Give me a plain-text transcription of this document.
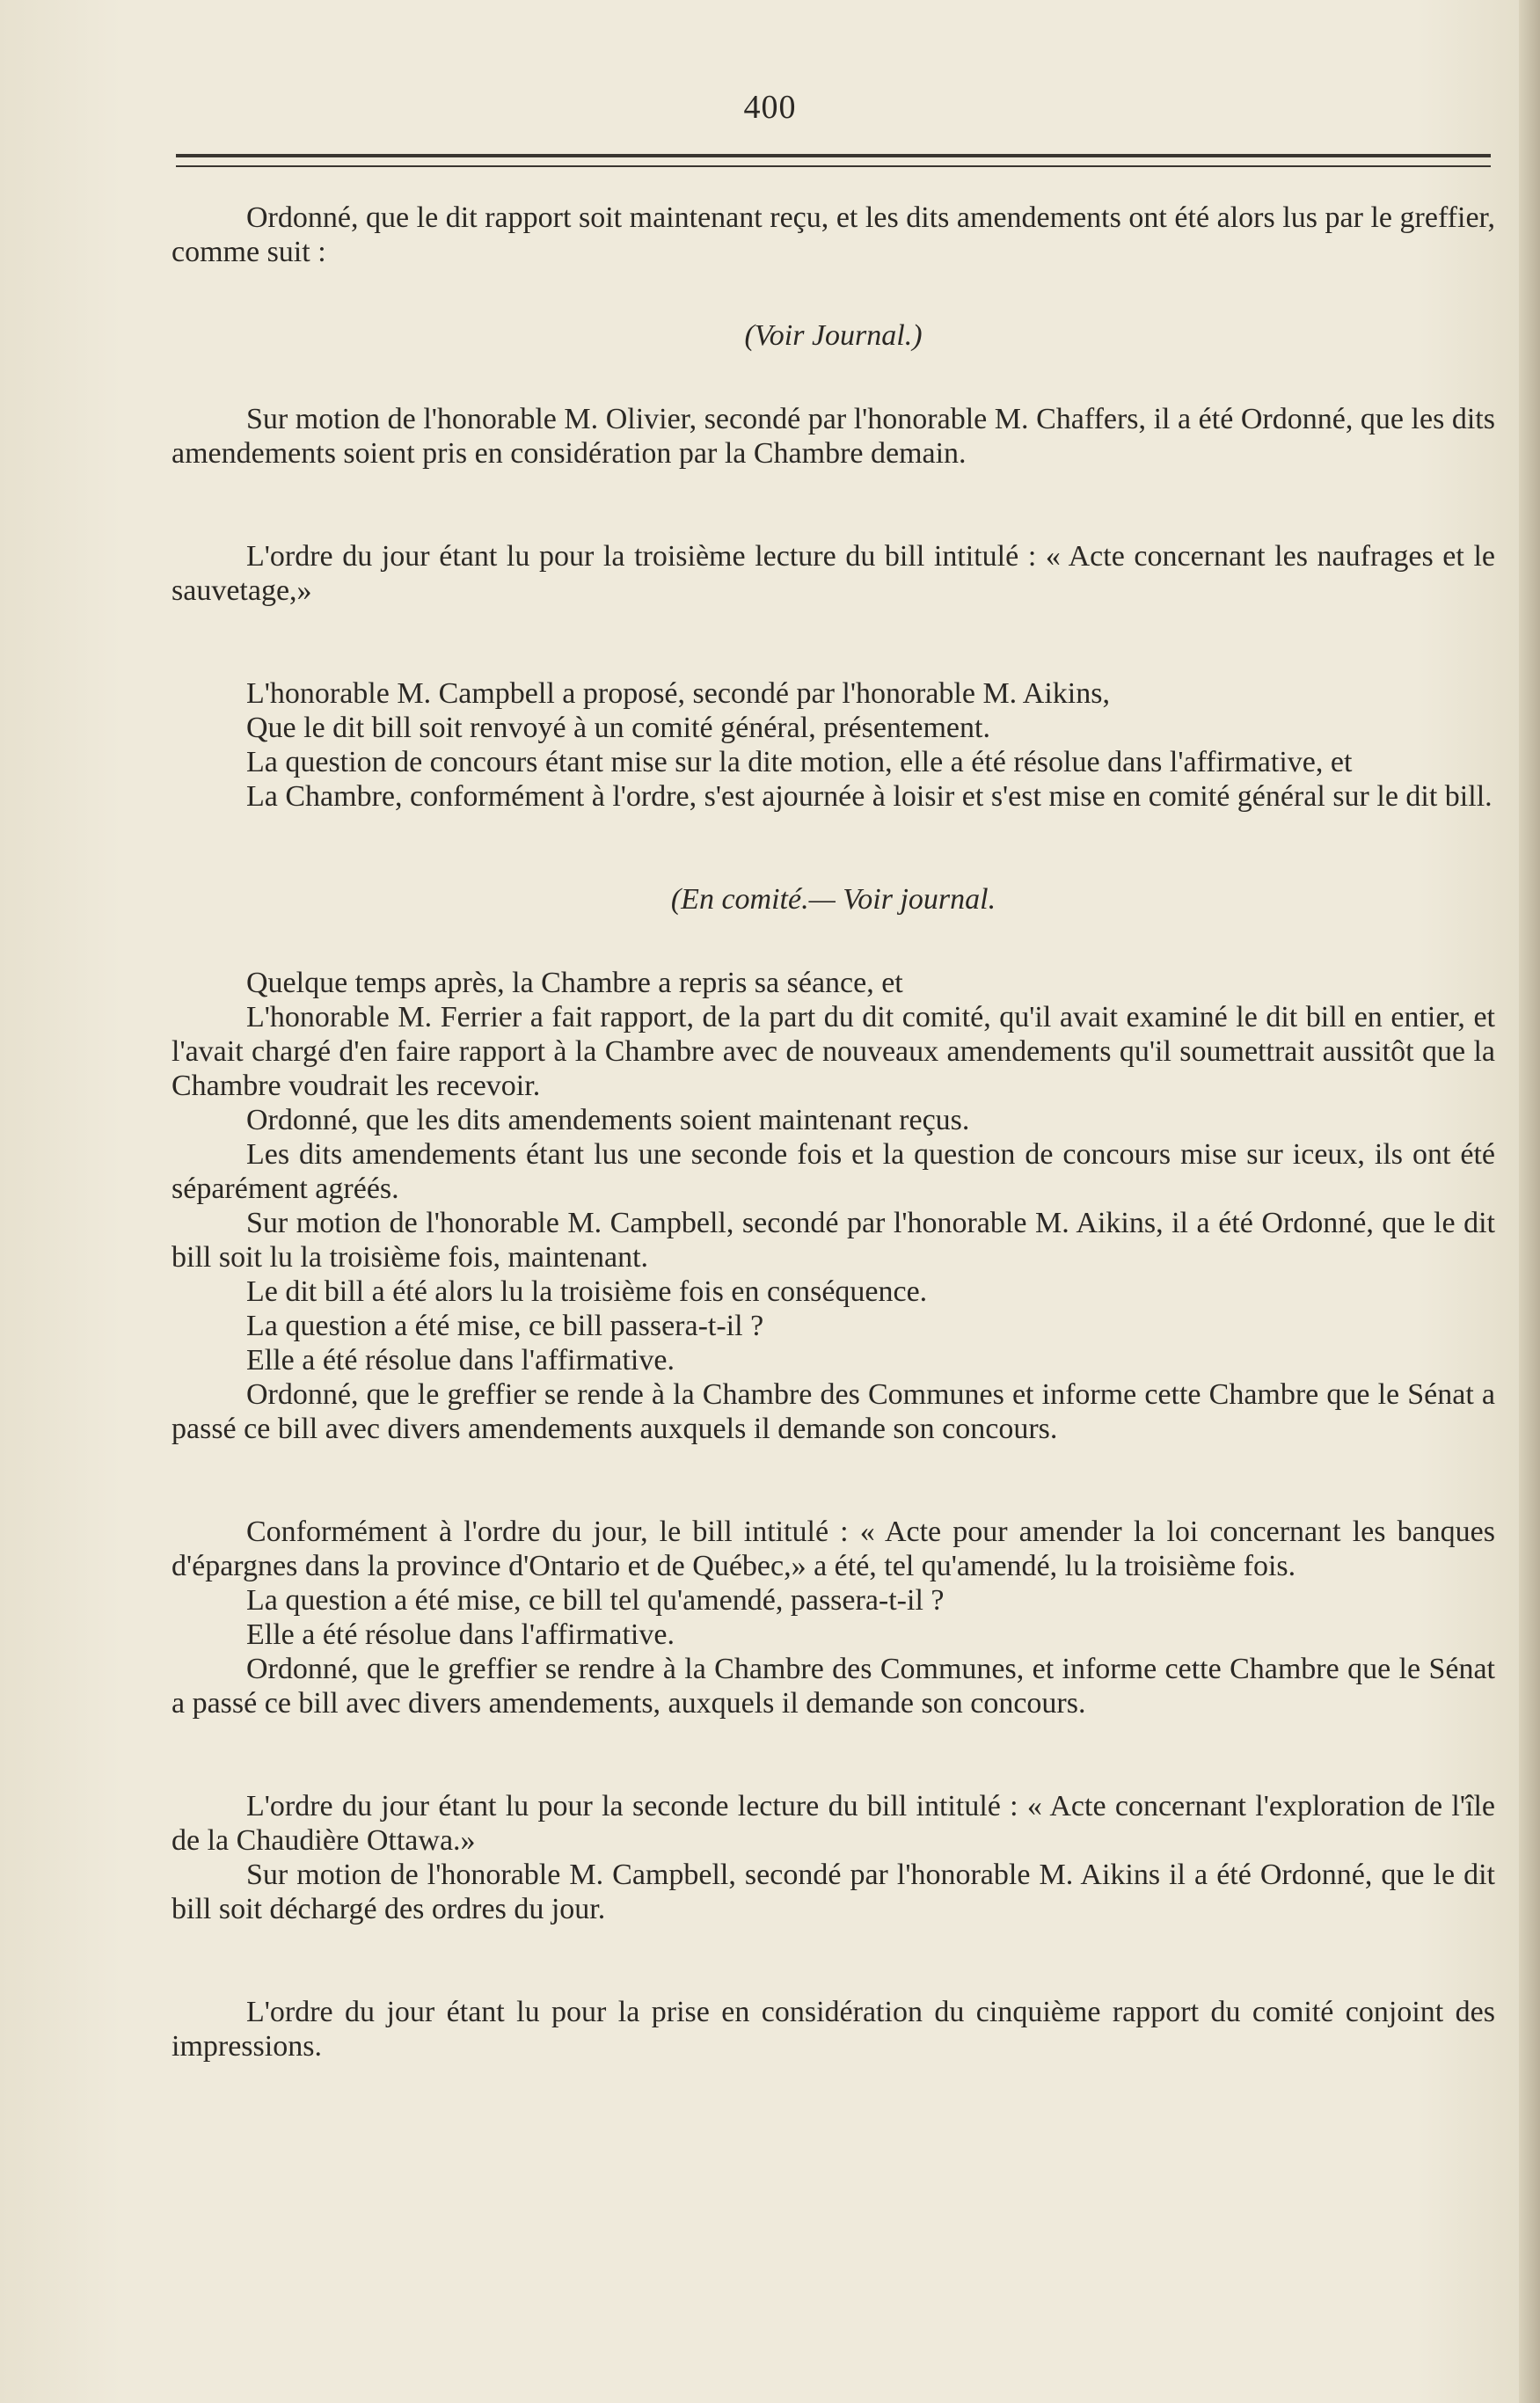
400

Ordonné, que le dit rapport soit maintenant reçu, et les dits amendements ont été alors lus par le greffier, comme suit :

(Voir Journal.)

Sur motion de l'honorable M. Olivier, secondé par l'honorable M. Chaffers, il a été Ordonné, que les dits amendements soient pris en considération par la Chambre demain.

L'ordre du jour étant lu pour la troisième lecture du bill intitulé : « Acte concernant les naufrages et le sauvetage,»

L'honorable M. Campbell a proposé, secondé par l'honorable M. Aikins,

Que le dit bill soit renvoyé à un comité général, présentement.

La question de concours étant mise sur la dite motion, elle a été résolue dans l'affirmative, et

La Chambre, conformément à l'ordre, s'est ajournée à loisir et s'est mise en comité général sur le dit bill.

(En comité.— Voir journal.

Quelque temps après, la Chambre a repris sa séance, et

L'honorable M. Ferrier a fait rapport, de la part du dit comité, qu'il avait examiné le dit bill en entier, et l'avait chargé d'en faire rapport à la Chambre avec de nouveaux amendements qu'il soumettrait aussitôt que la Chambre voudrait les recevoir.

Ordonné, que les dits amendements soient maintenant reçus.

Les dits amendements étant lus une seconde fois et la question de concours mise sur iceux, ils ont été séparément agréés.

Sur motion de l'honorable M. Campbell, secondé par l'honorable M. Aikins, il a été Ordonné, que le dit bill soit lu la troisième fois, maintenant.

Le dit bill a été alors lu la troisième fois en conséquence.

La question a été mise, ce bill passera-t-il ?

Elle a été résolue dans l'affirmative.

Ordonné, que le greffier se rende à la Chambre des Communes et informe cette Chambre que le Sénat a passé ce bill avec divers amendements auxquels il demande son concours.

Conformément à l'ordre du jour, le bill intitulé : « Acte pour amender la loi concernant les banques d'épargnes dans la province d'Ontario et de Québec,» a été, tel qu'amendé, lu la troisième fois.

La question a été mise, ce bill tel qu'amendé, passera-t-il ?

Elle a été résolue dans l'affirmative.

Ordonné, que le greffier se rendre à la Chambre des Communes, et informe cette Chambre que le Sénat a passé ce bill avec divers amendements, auxquels il demande son concours.

L'ordre du jour étant lu pour la seconde lecture du bill intitulé : « Acte concernant l'exploration de l'île de la Chaudière Ottawa.»

Sur motion de l'honorable M. Campbell, secondé par l'honorable M. Aikins il a été Ordonné, que le dit bill soit déchargé des ordres du jour.

L'ordre du jour étant lu pour la prise en considération du cinquième rapport du comité conjoint des impressions.
